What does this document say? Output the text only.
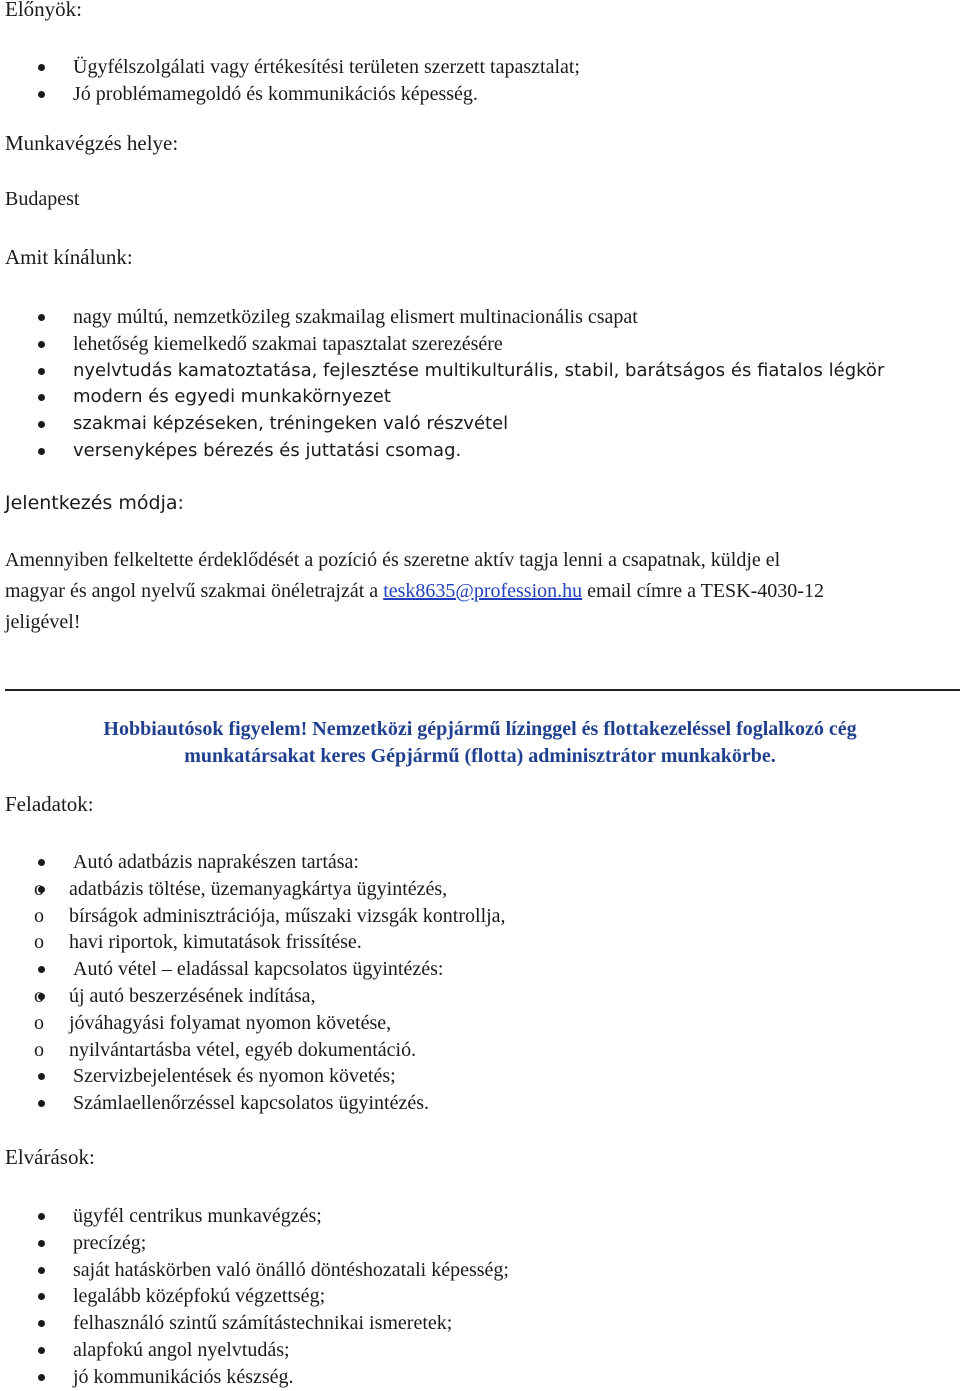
Előnyök:
Ügyfélszolgálati vagy értékesítési területen szerzett tapasztalat;
Jó problémamegoldó és kommunikációs képesség.
Munkavégzés helye:
Budapest
Amit kínálunk:
nagy múltú, nemzetközileg szakmailag elismert multinacionális csapat
lehetőség kiemelkedő szakmai tapasztalat szerezésére
nyelvtudás kamatoztatása, fejlesztése multikulturális, stabil, barátságos és fiatalos légkör
modern és egyedi munkakörnyezet
szakmai képzéseken, tréningeken való részvétel
versenyképes bérezés és juttatási csomag.
Jelentkezés módja:
Amennyiben felkeltette érdeklődését a pozíció és szeretne aktív tagja lenni a csapatnak, küldje el
magyar és angol nyelvű szakmai önéletrajzát a tesk8635@profession.hu email címre a TESK-4030-12
jeligével!
Hobbiautósok figyelem! Nemzetközi gépjármű lízinggel és flottakezeléssel foglalkozó cég
munkatársakat keres Gépjármű (flotta) adminisztrátor munkakörbe.
Feladatok:
Autó adatbázis naprakészen tartása:
o adatbázis töltése, üzemanyagkártya ügyintézés,
o bírságok adminisztrációja, műszaki vizsgák kontrollja,
o havi riportok, kimutatások frissítése.
Autó vétel – eladással kapcsolatos ügyintézés:
o új autó beszerzésének indítása,
o jóváhagyási folyamat nyomon követése,
o nyilvántartásba vétel, egyéb dokumentáció.
Szervizbejelentések és nyomon követés;
Számlaellenőrzéssel kapcsolatos ügyintézés.
Elvárások:
ügyfél centrikus munkavégzés;
precízég;
saját hatáskörben való önálló döntéshozatali képesség;
legalább középfokú végzettség;
felhasználó szintű számítástechnikai ismeretek;
alapfokú angol nyelvtudás;
jó kommunikációs készség.
